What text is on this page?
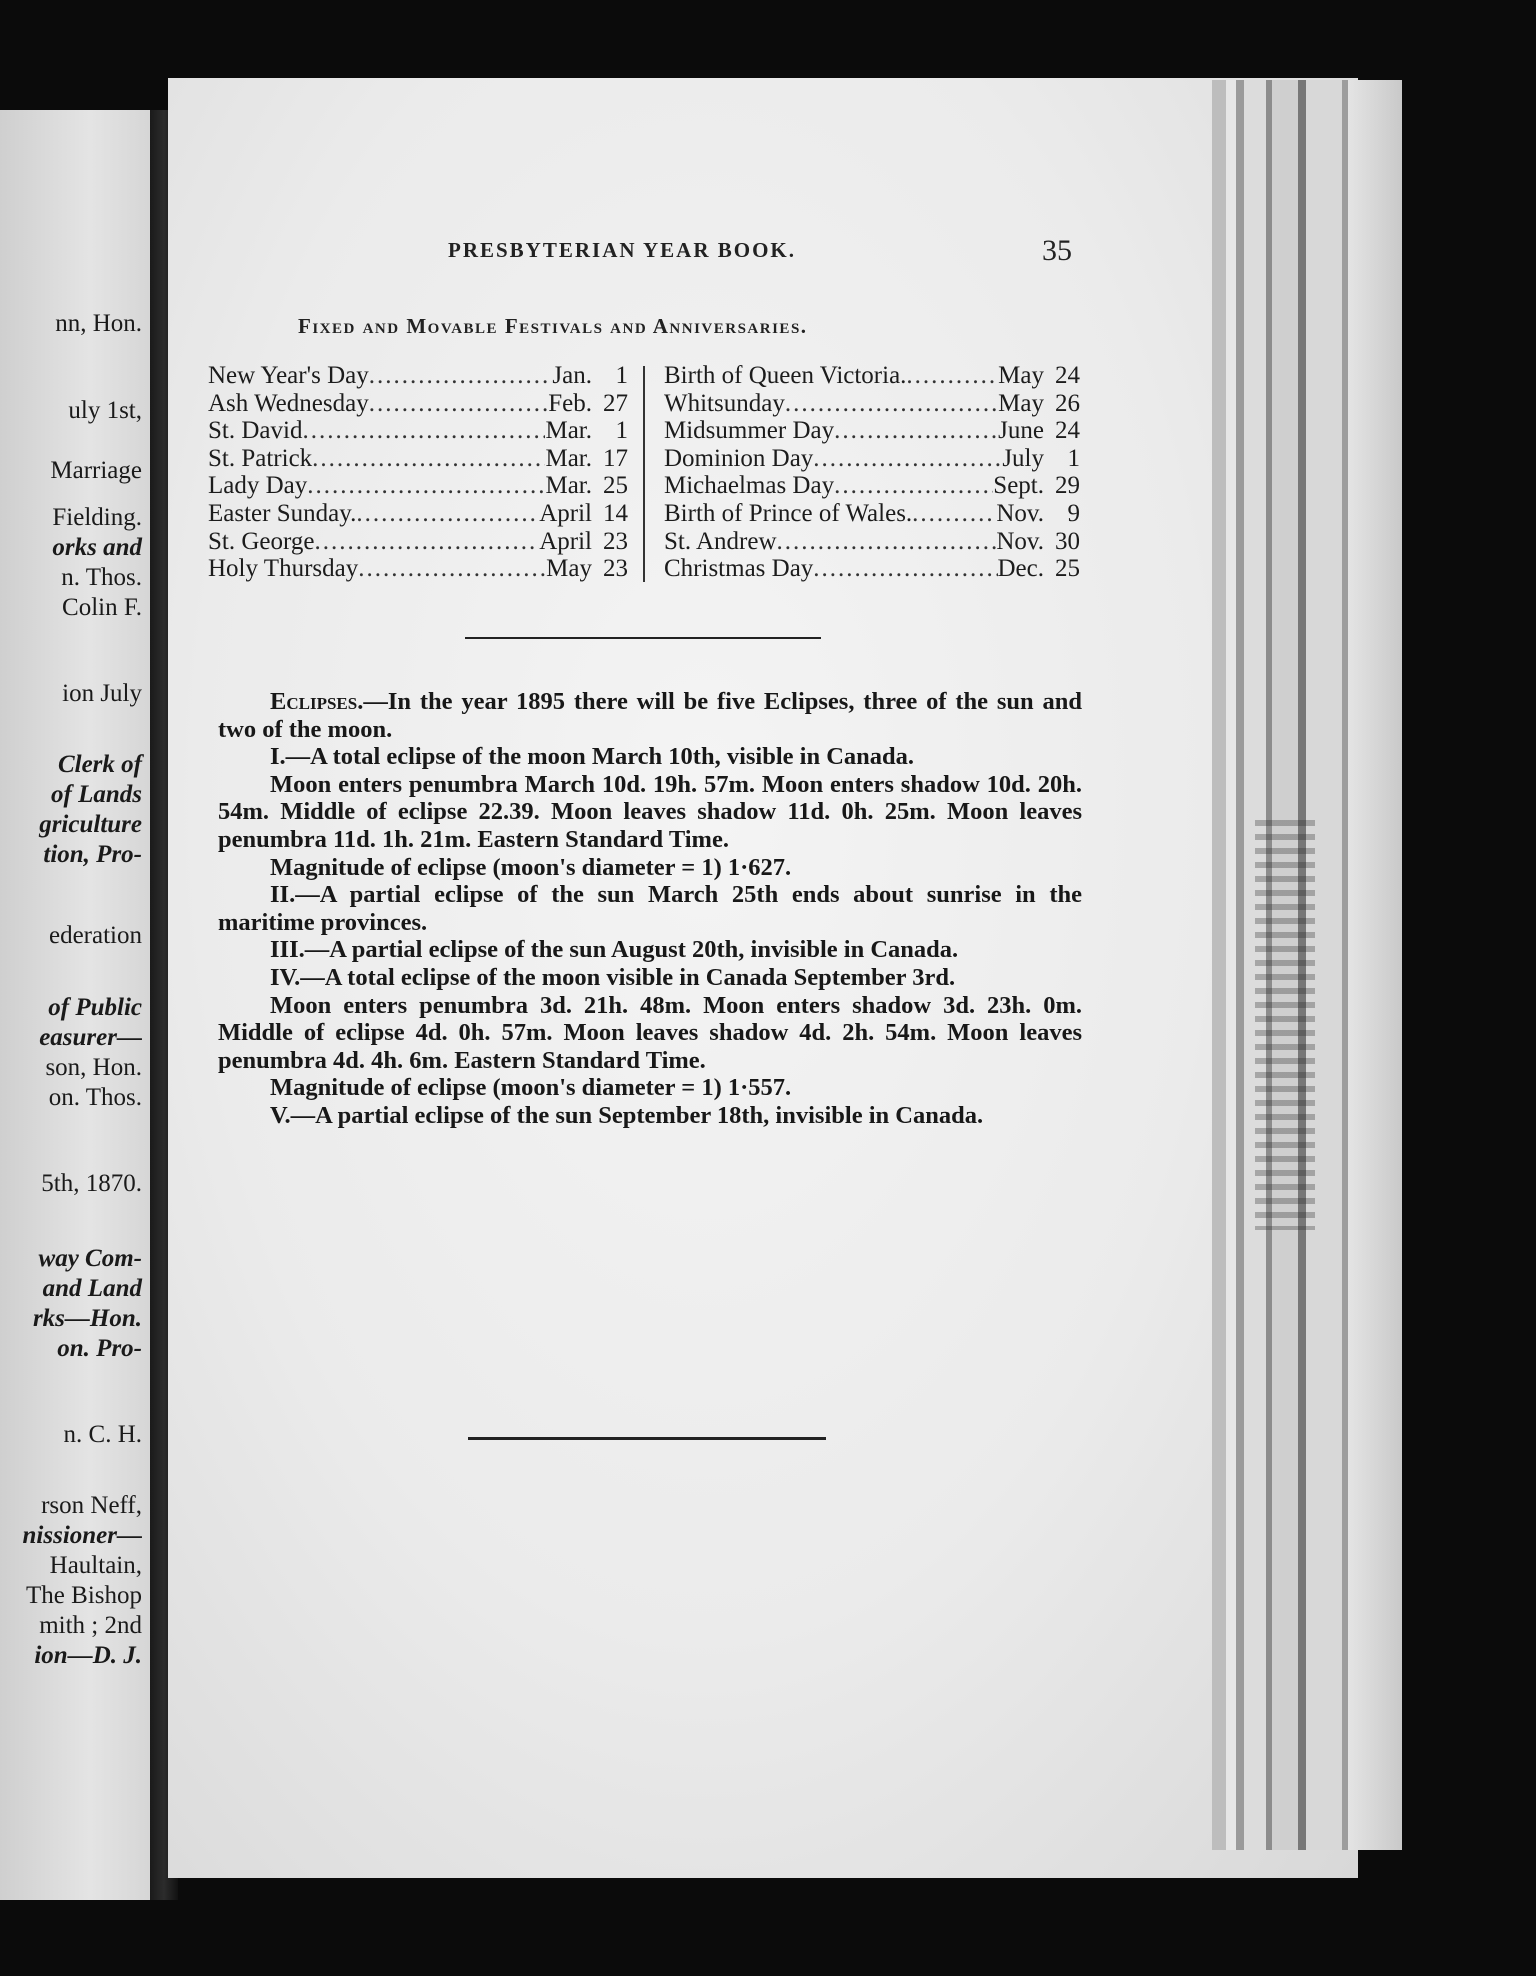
nn, Hon.
uly 1st,
Marriage
Fielding.
orks and
n. Thos.
Colin F.
ion July
Clerk of
of Lands
griculture
tion, Pro-
ederation
of Public
easurer—
son, Hon.
on. Thos.
5th, 1870.
way Com-
and Land
rks—Hon.
on. Pro-
n. C. H.
rson Neff,
nissioner—
Haultain,
The Bishop
mith ; 2nd
ion—D. J.
PRESBYTERIAN YEAR BOOK.	35
Fixed and Movable Festivals and Anniversaries.
New Year's Day .....	Jan. 1
Ash Wednesday .....	Feb. 27
St. David .....	Mar. 1
St. Patrick .....	Mar. 17
Lady Day .....	Mar. 25
Easter Sunday. .....	April 14
St. George .....	April 23
Holy Thursday .....	May 23
Birth of Queen Victoria. .....	May 24
Whitsunday .....	May 26
Midsummer Day .....	June 24
Dominion Day .....	July 1
Michaelmas Day .....	Sept. 29
Birth of Prince of Wales. .....	Nov. 9
St. Andrew .....	Nov. 30
Christmas Day .....	Dec. 25

Eclipses.—In the year 1895 there will be five Eclipses, three of the sun and two of the moon.

I.—A total eclipse of the moon March 10th, visible in Canada.

Moon enters penumbra March 10d. 19h. 57m. Moon enters shadow 10d. 20h. 54m. Middle of eclipse 22.39. Moon leaves shadow 11d. 0h. 25m. Moon leaves penumbra 11d. 1h. 21m. Eastern Standard Time.

Magnitude of eclipse (moon's diameter = 1) 1·627.

II.—A partial eclipse of the sun March 25th ends about sunrise in the maritime provinces.

III.—A partial eclipse of the sun August 20th, invisible in Canada.

IV.—A total eclipse of the moon visible in Canada September 3rd.

Moon enters penumbra 3d. 21h. 48m. Moon enters shadow 3d. 23h. 0m. Middle of eclipse 4d. 0h. 57m. Moon leaves shadow 4d. 2h. 54m. Moon leaves penumbra 4d. 4h. 6m. Eastern Standard Time.

Magnitude of eclipse (moon's diameter = 1) 1·557.

V.—A partial eclipse of the sun September 18th, invisible in Canada.
